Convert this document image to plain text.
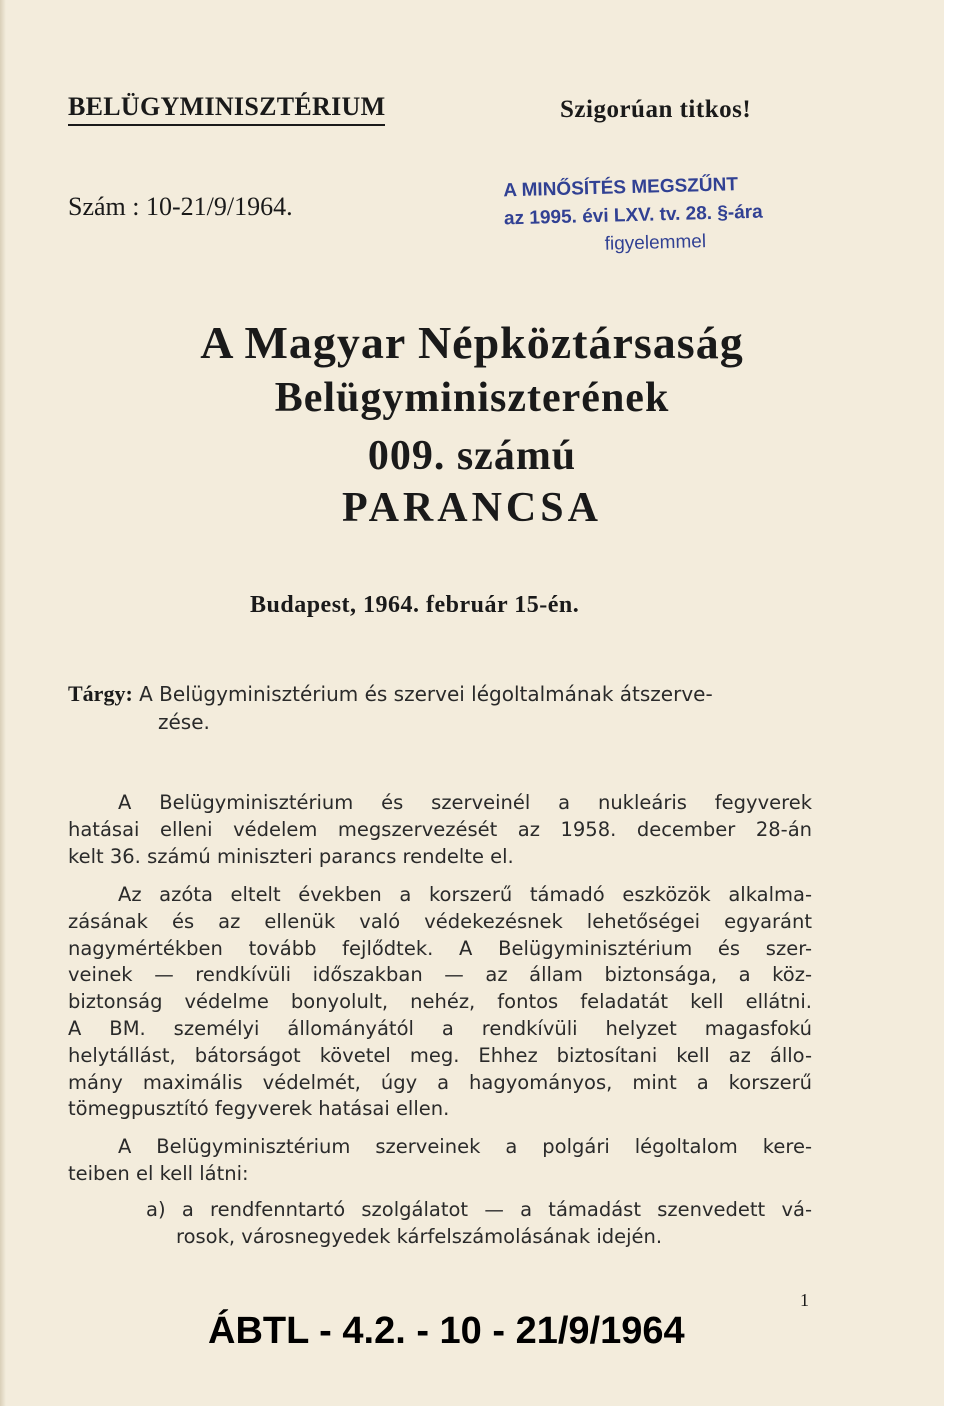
BELÜGYMINISZTÉRIUM	Szigorúan titkos!
Szám : 10-21/9/1964.
A MINŐSÍTÉS MEGSZŰNT
az 1995. évi LXV. tv. 28. §-ára
figyelemmel
A Magyar Népköztársaság
Belügyminiszterének
009. számú
PARANCSA
Budapest, 1964. február 15-én.
Tárgy: A Belügyminisztérium és szervei légoltalmának átszerve-
zése.
A Belügyminisztérium és szerveinél a nukleáris fegyverek
hatásai elleni védelem megszervezését az 1958. december 28-án
kelt 36. számú miniszteri parancs rendelte el.
Az azóta eltelt években a korszerű támadó eszközök alkalma-
zásának és az ellenük való védekezésnek lehetőségei egyaránt
nagymértékben tovább fejlődtek. A Belügyminisztérium és szer-
veinek — rendkívüli időszakban — az állam biztonsága, a köz-
biztonság védelme bonyolult, nehéz, fontos feladatát kell ellátni.
A BM. személyi állományától a rendkívüli helyzet magasfokú
helytállást, bátorságot követel meg. Ehhez biztosítani kell az állo-
mány maximális védelmét, úgy a hagyományos, mint a korszerű
tömegpusztító fegyverek hatásai ellen.
A Belügyminisztérium szerveinek a polgári légoltalom kere-
teiben el kell látni:
a) a rendfenntartó szolgálatot — a támadást szenvedett vá-
rosok, városnegyedek kárfelszámolásának idején.
1
ÁBTL - 4.2. - 10 - 21/9/1964
